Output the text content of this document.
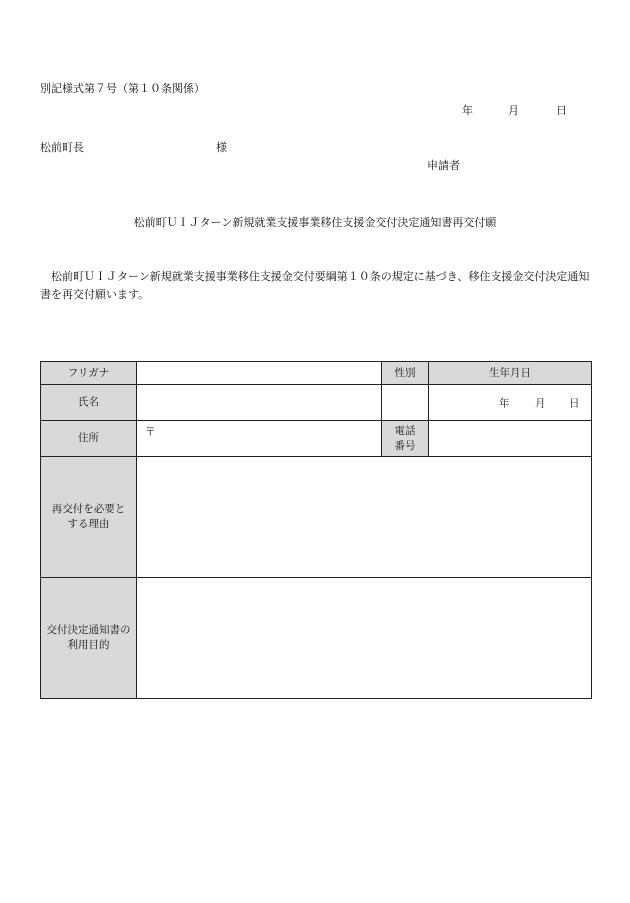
別記様式第７号（第１０条関係）
年	月	日
松前町長	様
申請者
松前町ＵＩＪターン新規就業支援事業移住支援金交付決定通知書再交付願
　松前町ＵＩＪターン新規就業支援事業移住支援金交付要綱第１０条の規定に基づき、移住支援金交付決定通知書を再交付願います。
フリガナ		性別	生年月日
氏名			年 月 日

住所	〒	電話
番号	

再交付を必要と
する理由			

交付決定通知書の
利用目的			
